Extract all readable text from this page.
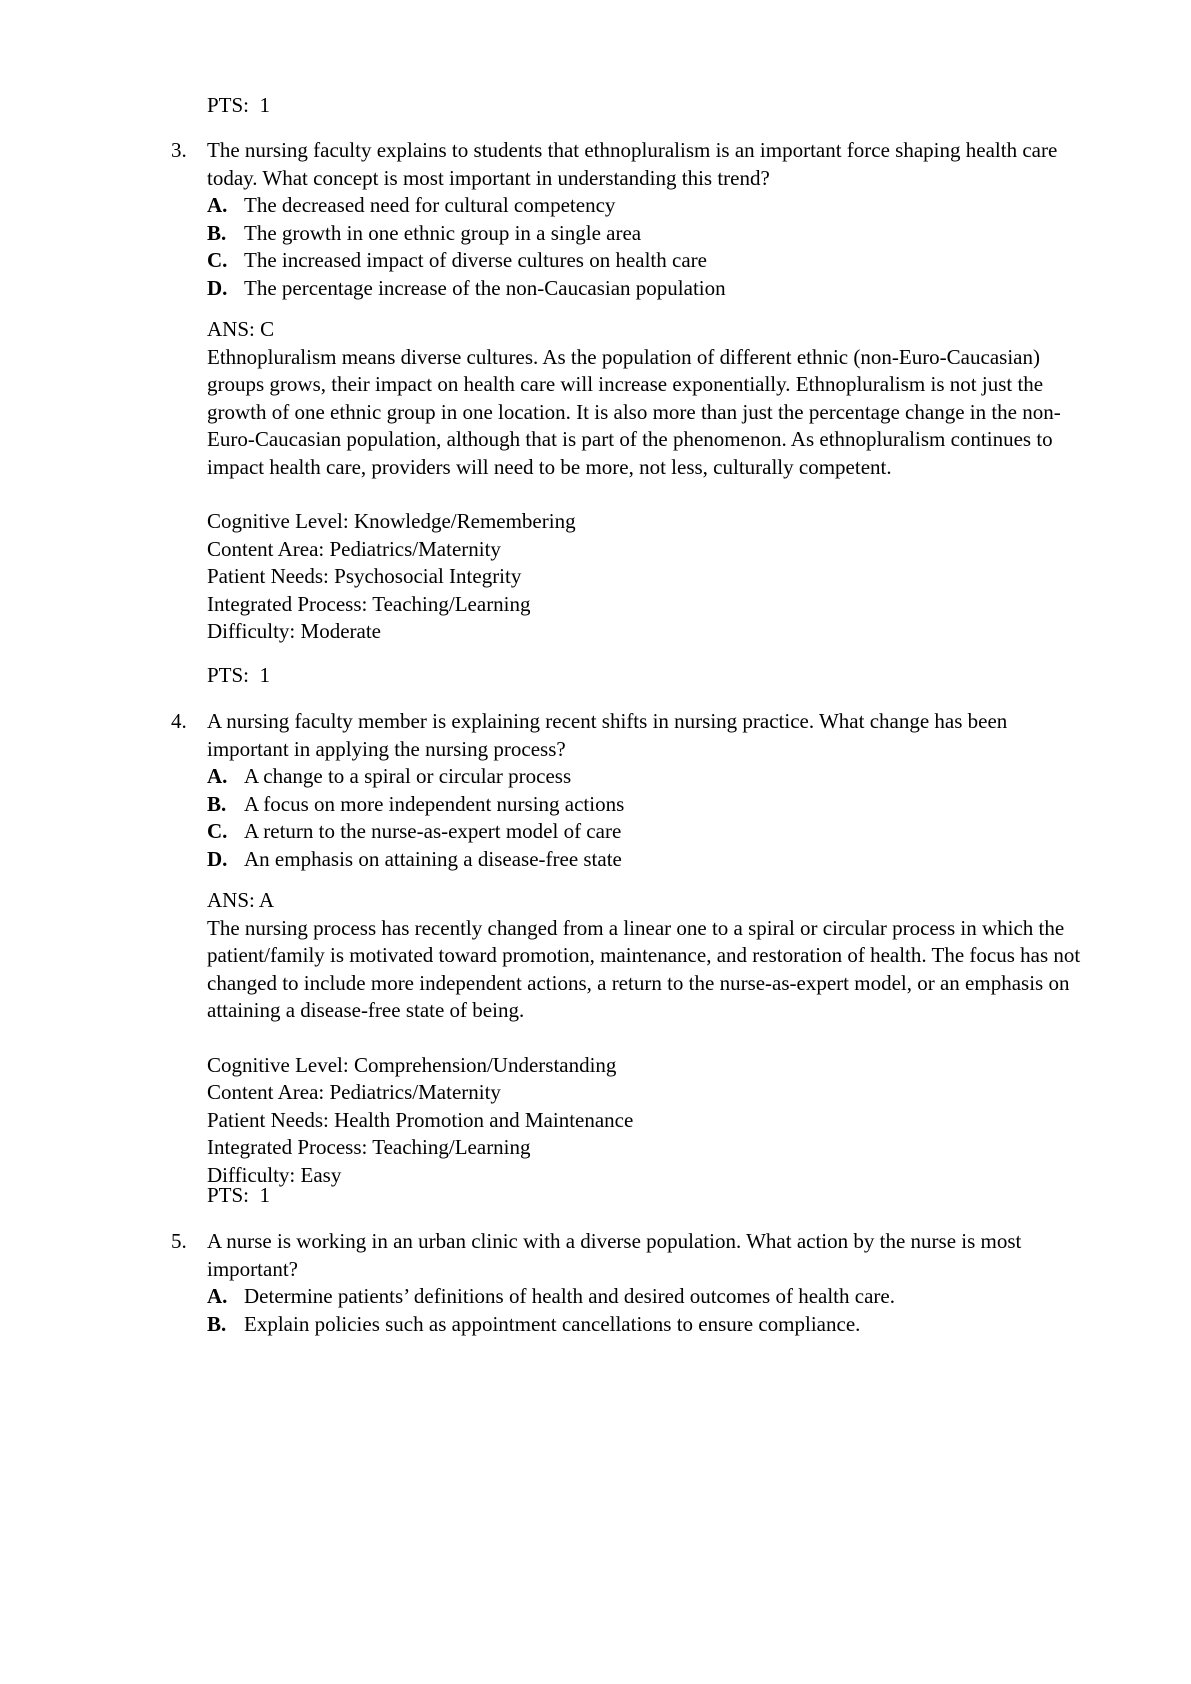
PTS:  1
3. The nursing faculty explains to students that ethnopluralism is an important force shaping health care today. What concept is most important in understanding this trend?
A. The decreased need for cultural competency
B. The growth in one ethnic group in a single area
C. The increased impact of diverse cultures on health care
D. The percentage increase of the non-Caucasian population
ANS: C

Ethnopluralism means diverse cultures. As the population of different ethnic (non-Euro-Caucasian) groups grows, their impact on health care will increase exponentially. Ethnopluralism is not just the growth of one ethnic group in one location. It is also more than just the percentage change in the non-Euro-Caucasian population, although that is part of the phenomenon. As ethnopluralism continues to impact health care, providers will need to be more, not less, culturally competent.

Cognitive Level: Knowledge/Remembering
Content Area: Pediatrics/Maternity
Patient Needs: Psychosocial Integrity
Integrated Process: Teaching/Learning
Difficulty: Moderate
PTS:  1
4. A nursing faculty member is explaining recent shifts in nursing practice. What change has been important in applying the nursing process?
A. A change to a spiral or circular process
B. A focus on more independent nursing actions
C. A return to the nurse-as-expert model of care
D. An emphasis on attaining a disease-free state
ANS: A

The nursing process has recently changed from a linear one to a spiral or circular process in which the patient/family is motivated toward promotion, maintenance, and restoration of health. The focus has not changed to include more independent actions, a return to the nurse-as-expert model, or an emphasis on attaining a disease-free state of being.

Cognitive Level: Comprehension/Understanding
Content Area: Pediatrics/Maternity
Patient Needs: Health Promotion and Maintenance
Integrated Process: Teaching/Learning
Difficulty: Easy
PTS:  1
5. A nurse is working in an urban clinic with a diverse population. What action by the nurse is most important?
A. Determine patients’ definitions of health and desired outcomes of health care.
B. Explain policies such as appointment cancellations to ensure compliance.
